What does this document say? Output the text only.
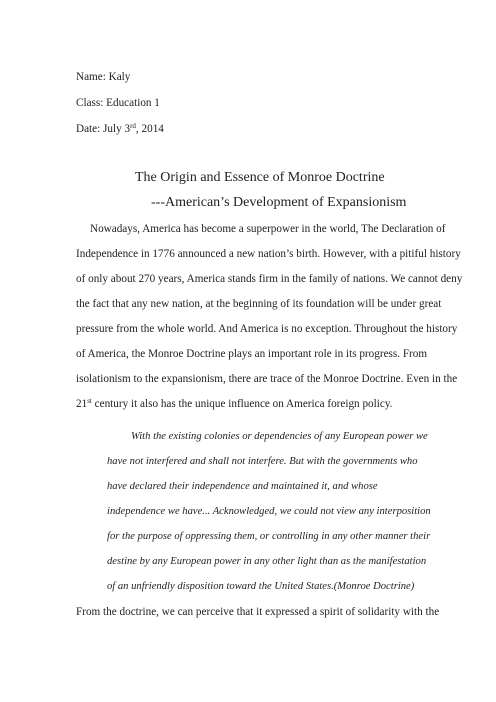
Name: Kaly
Class: Education 1
Date: July 3rd, 2014
The Origin and Essence of Monroe Doctrine
---American’s Development of Expansionism
Nowadays, America has become a superpower in the world, The Declaration of
Independence in 1776 announced a new nation’s birth. However, with a pitiful history
of only about 270 years, America stands firm in the family of nations. We cannot deny
the fact that any new nation, at the beginning of its foundation will be under great
pressure from the whole world. And America is no exception. Throughout the history
of America, the Monroe Doctrine plays an important role in its progress. From
isolationism to the expansionism, there are trace of the Monroe Doctrine. Even in the
21st century it also has the unique influence on America foreign policy.
With the existing colonies or dependencies of any European power we
have not interfered and shall not interfere. But with the governments who
have declared their independence and maintained it, and whose
independence we have... Acknowledged, we could not view any interposition
for the purpose of oppressing them, or controlling in any other manner their
destine by any European power in any other light than as the manifestation
of an unfriendly disposition toward the United States.(Monroe Doctrine)
From the doctrine, we can perceive that it expressed a spirit of solidarity with the
